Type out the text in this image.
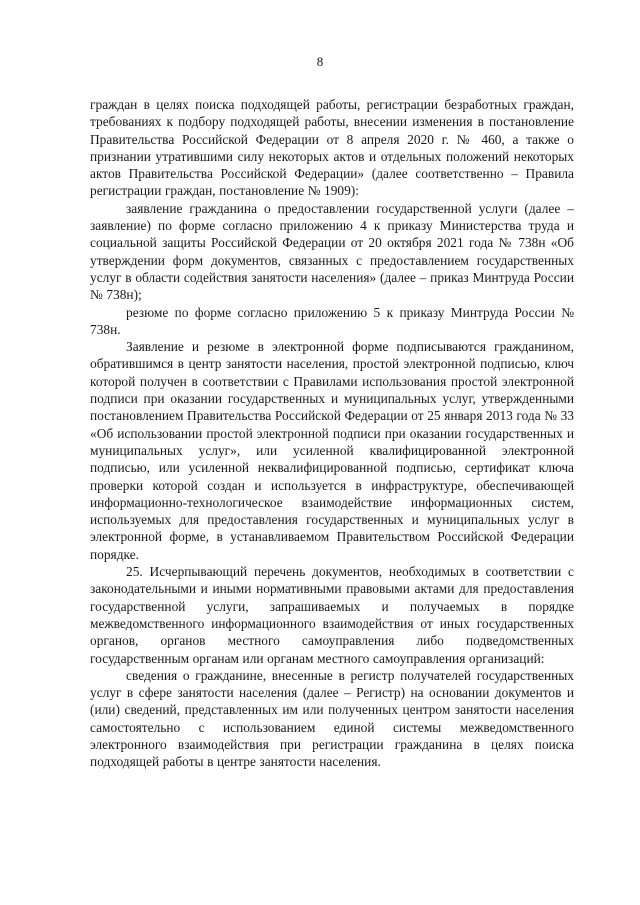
8

граждан в целях поиска подходящей работы, регистрации безработных граждан, требованиях к подбору подходящей работы, внесении изменения в постановление Правительства Российской Федерации от 8 апреля 2020 г. № 460, а также о признании утратившими силу некоторых актов и отдельных положений некоторых актов Правительства Российской Федерации» (далее соответственно – Правила регистрации граждан, постановление № 1909):

заявление гражданина о предоставлении государственной услуги (далее – заявление) по форме согласно приложению 4 к приказу Министерства труда и социальной защиты Российской Федерации от 20 октября 2021 года № 738н «Об утверждении форм документов, связанных с предоставлением государственных услуг в области содействия занятости населения» (далее – приказ Минтруда России № 738н);

резюме по форме согласно приложению 5 к приказу Минтруда России № 738н.

Заявление и резюме в электронной форме подписываются гражданином, обратившимся в центр занятости населения, простой электронной подписью, ключ которой получен в соответствии с Правилами использования простой электронной подписи при оказании государственных и муниципальных услуг, утвержденными постановлением Правительства Российской Федерации от 25 января 2013 года № 33 «Об использовании простой электронной подписи при оказании государственных и муниципальных услуг», или усиленной квалифицированной электронной подписью, или усиленной неквалифицированной подписью, сертификат ключа проверки которой создан и используется в инфраструктуре, обеспечивающей информационно-технологическое взаимодействие информационных систем, используемых для предоставления государственных и муниципальных услуг в электронной форме, в устанавливаемом Правительством Российской Федерации порядке.

25. Исчерпывающий перечень документов, необходимых в соответствии с законодательными и иными нормативными правовыми актами для предоставления государственной услуги, запрашиваемых и получаемых в порядке межведомственного информационного взаимодействия от иных государственных органов, органов местного самоуправления либо подведомственных государственным органам или органам местного самоуправления организаций:

сведения о гражданине, внесенные в регистр получателей государственных услуг в сфере занятости населения (далее – Регистр) на основании документов и (или) сведений, представленных им или полученных центром занятости населения самостоятельно с использованием единой системы межведомственного электронного взаимодействия при регистрации гражданина в целях поиска подходящей работы в центре занятости населения.
